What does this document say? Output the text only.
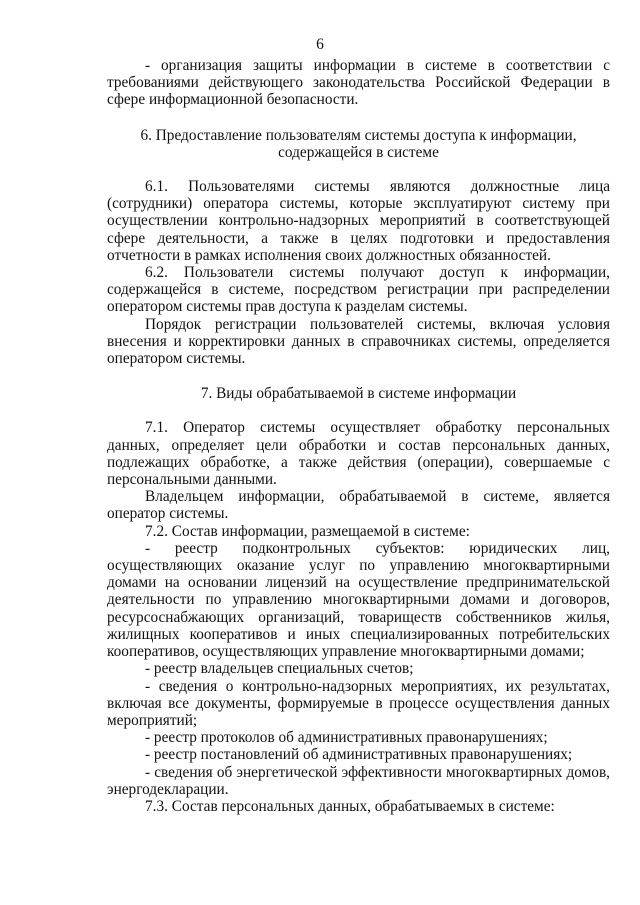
6

- организация защиты информации в системе в соответствии с требованиями действующего законодательства Российской Федерации в сфере информационной безопасности.

6. Предоставление пользователям системы доступа к информации,

содержащейся в системе

6.1. Пользователями системы являются должностные лица (сотрудники) оператора системы, которые эксплуатируют систему при осуществлении контрольно-надзорных мероприятий в соответствующей сфере деятельности, а также в целях подготовки и предоставления отчетности в рамках исполнения своих должностных обязанностей.

6.2. Пользователи системы получают доступ к информации, содержащейся в системе, посредством регистрации при распределении оператором системы прав доступа к разделам системы.

Порядок регистрации пользователей системы, включая условия внесения и корректировки данных в справочниках системы, определяется оператором системы.

7. Виды обрабатываемой в системе информации

7.1. Оператор системы осуществляет обработку персональных данных, определяет цели обработки и состав персональных данных, подлежащих обработке, а также действия (операции), совершаемые с персональными данными.

Владельцем информации, обрабатываемой в системе, является оператор системы.

7.2. Состав информации, размещаемой в системе:

- реестр подконтрольных субъектов: юридических лиц, осуществляющих оказание услуг по управлению многоквартирными домами на основании лицензий на осуществление предпринимательской деятельности по управлению многоквартирными домами и договоров, ресурсоснабжающих организаций, товариществ собственников жилья, жилищных кооперативов и иных специализированных потребительских кооперативов, осуществляющих управление многоквартирными домами;

- реестр владельцев специальных счетов;

- сведения о контрольно-надзорных мероприятиях, их результатах, включая все документы, формируемые в процессе осуществления данных мероприятий;

- реестр протоколов об административных правонарушениях;

- реестр постановлений об административных правонарушениях;

- сведения об энергетической эффективности многоквартирных домов, энергодекларации.

7.3. Состав персональных данных, обрабатываемых в системе:
